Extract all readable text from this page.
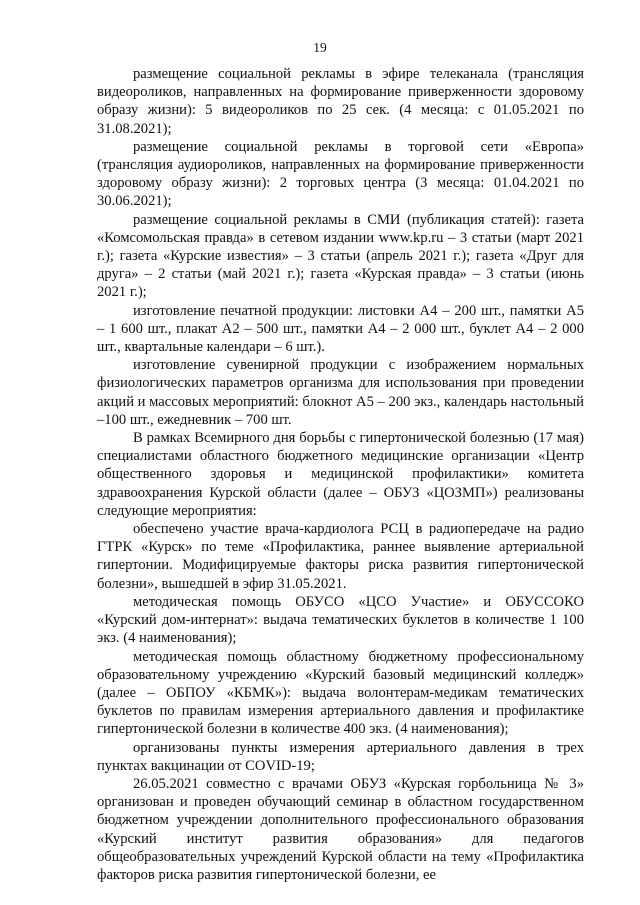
19

размещение социальной рекламы в эфире телеканала (трансляция видеороликов, направленных на формирование приверженности здоровому образу жизни): 5 видеороликов по 25 сек. (4 месяца: с 01.05.2021 по 31.08.2021);

размещение социальной рекламы в торговой сети «Европа» (трансляция аудиороликов, направленных на формирование приверженности здоровому образу жизни): 2 торговых центра (3 месяца: 01.04.2021 по 30.06.2021);

размещение социальной рекламы в СМИ (публикация статей): газета «Комсомольская правда» в сетевом издании www.kp.ru – 3 статьи (март 2021 г.); газета «Курские известия» – 3 статьи (апрель 2021 г.); газета «Друг для друга» – 2 статьи (май 2021 г.); газета «Курская правда» – 3 статьи (июнь 2021 г.);

изготовление печатной продукции: листовки А4 – 200 шт., памятки А5 – 1 600 шт., плакат А2 – 500 шт., памятки А4 – 2 000 шт., буклет А4 – 2 000 шт., квартальные календари – 6 шт.).

изготовление сувенирной продукции с изображением нормальных физиологических параметров организма для использования при проведении акций и массовых мероприятий: блокнот А5 – 200 экз., календарь настольный –100 шт., ежедневник – 700 шт.

В рамках Всемирного дня борьбы с гипертонической болезнью (17 мая) специалистами областного бюджетного медицинские организации «Центр общественного здоровья и медицинской профилактики» комитета здравоохранения Курской области (далее – ОБУЗ «ЦОЗМП») реализованы следующие мероприятия:

обеспечено участие врача-кардиолога РСЦ в радиопередаче на радио ГТРК «Курск» по теме «Профилактика, раннее выявление артериальной гипертонии. Модифицируемые факторы риска развития гипертонической болезни», вышедшей в эфир 31.05.2021.

методическая помощь ОБУСО «ЦСО Участие» и ОБУССОКО «Курский дом-интернат»: выдача тематических буклетов в количестве 1 100 экз. (4 наименования);

методическая помощь областному бюджетному профессиональному образовательному учреждению «Курский базовый медицинский колледж» (далее – ОБПОУ «КБМК»): выдача волонтерам-медикам тематических буклетов по правилам измерения артериального давления и профилактике гипертонической болезни в количестве 400 экз. (4 наименования);

организованы пункты измерения артериального давления в трех пунктах вакцинации от COVID-19;

26.05.2021 совместно с врачами ОБУЗ «Курская горбольница № 3» организован и проведен обучающий семинар в областном государственном бюджетном учреждении дополнительного профессионального образования «Курский институт развития образования» для педагогов общеобразовательных учреждений Курской области на тему «Профилактика факторов риска развития гипертонической болезни, ее
